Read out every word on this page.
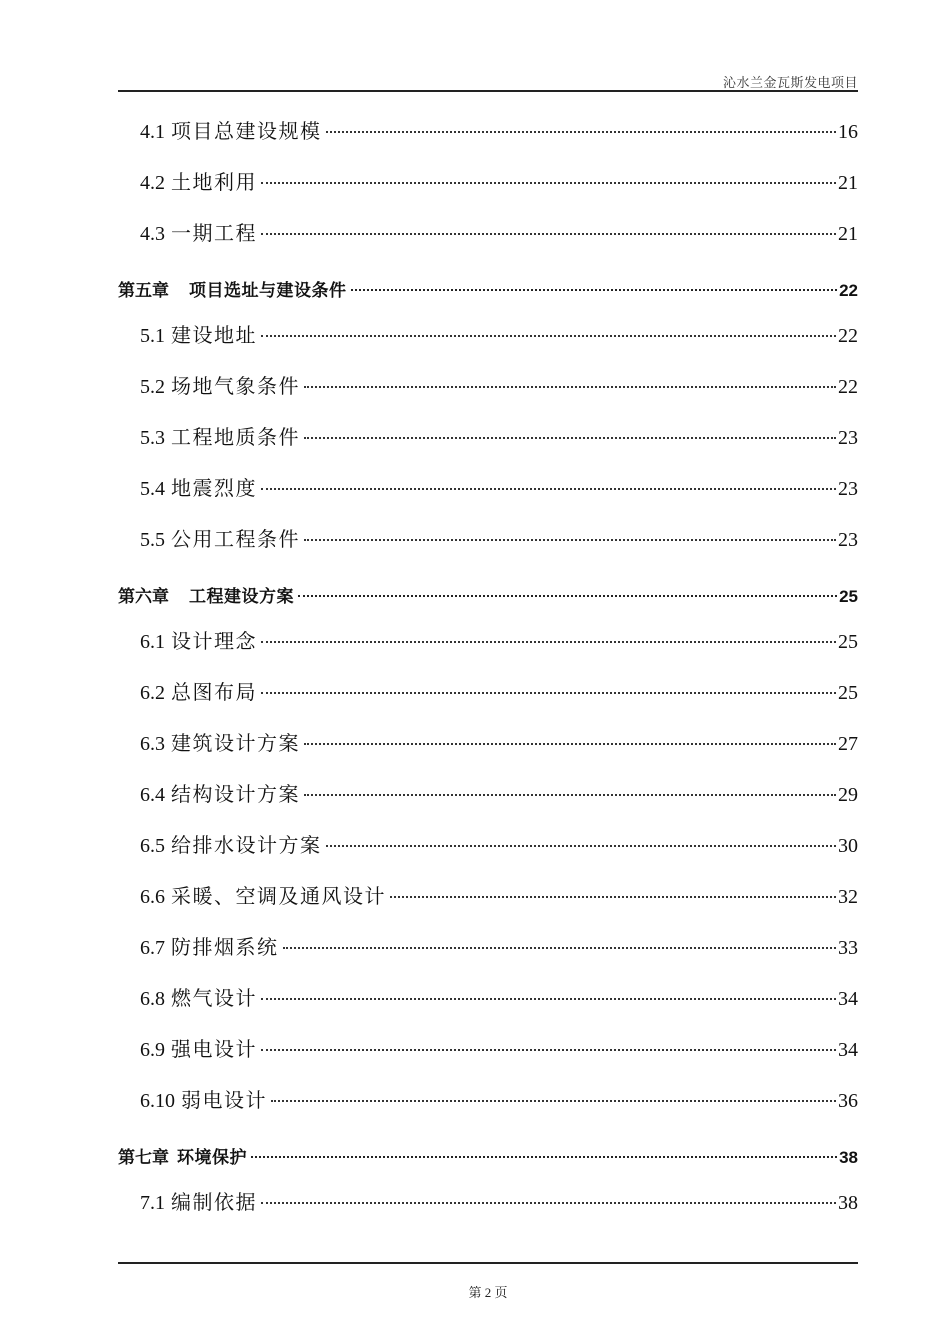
沁水兰金瓦斯发电项目
4.1 项目总建设规模	16
4.2 土地利用	21
4.3 一期工程	21
第五章 项目选址与建设条件	22
5.1 建设地址	22
5.2 场地气象条件	22
5.3 工程地质条件	23
5.4 地震烈度	23
5.5 公用工程条件	23
第六章 工程建设方案	25
6.1 设计理念	25
6.2 总图布局	25
6.3 建筑设计方案	27
6.4 结构设计方案	29
6.5 给排水设计方案	30
6.6 采暖、空调及通风设计	32
6.7 防排烟系统	33
6.8 燃气设计	34
6.9 强电设计	34
6.10 弱电设计	36
第七章 环境保护	38
7.1 编制依据	38
第 2 页
